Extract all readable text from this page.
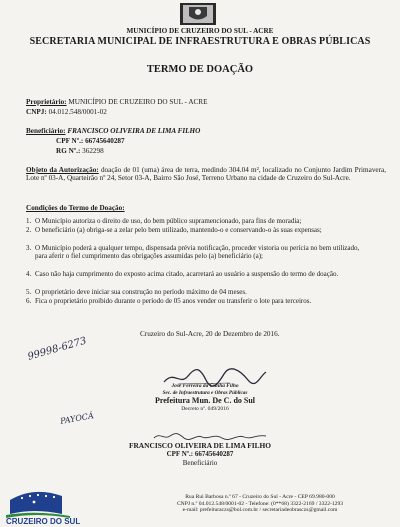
MUNICÍPIO DE CRUZEIRO DO SUL - ACRE
SECRETARIA MUNICIPAL DE INFRAESTRUTURA E OBRAS PÚBLICAS
TERMO DE DOAÇÃO
Proprietário: MUNICÍPIO DE CRUZEIRO DO SUL - ACRE
CNPJ: 04.012.548/0001-02
Beneficiário: FRANCISCO OLIVEIRA DE LIMA FILHO
CPF Nº.: 66745640287
RG Nº.: 362298
Objeto da Autorização: doação de 01 (uma) área de terra, medindo 304.04 m², localizado no Conjunto Jardim Primavera, Lote nº 03-A, Quarteirão nº 24, Setor 03-A, Bairro São José, Terreno Urbano na cidade de Cruzeiro do Sul-Acre.
Condições do Termo de Doação:
1. O Município autoriza o direito de uso, do bem público supramencionado, para fins de moradia;
2. O beneficiário (a) obriga-se a zelar pelo bem utilizado, mantendo-o e conservando-o às suas expensas;
3. O Município poderá a qualquer tempo, dispensada prévia notificação, proceder vistoria ou perícia no bem utilizado, para aferir o fiel cumprimento das obrigações assumidas pelo (a) beneficiário (a);
4. Caso não haja cumprimento do exposto acima citado, acarretará ao usuário a suspensão do termo de doação.
5. O proprietário deve iniciar sua construção no período máximo de 04 meses.
6. Fica o proprietário proibido durante o período de 05 anos vender ou transferir o lote para terceiros.
Cruzeiro do Sul-Acre, 20 de Dezembro de 2016.
99998-6273
José Ferreira da Cunha Filho
Sec. de Infraestrutura e Obras Públicas
Prefeitura Mun. De C. do Sul
Decreto nº. 049/2016
PAYOCÁ
FRANCISCO OLIVEIRA DE LIMA FILHO
CPF Nº.: 66745640287
Beneficiário
CRUZEIRO DO SUL
Rua Rui Barbosa n.º 67 - Cruzeiro do Sul - Acre - CEP 69.980-000
CNPJ n.º 04.012.548/0001-02 - Telefone: (0**68) 3322-2169 / 3322-1293
e-mail: prefeituraczs@bol.com.br / secretariadeobrasczs@gmail.com
